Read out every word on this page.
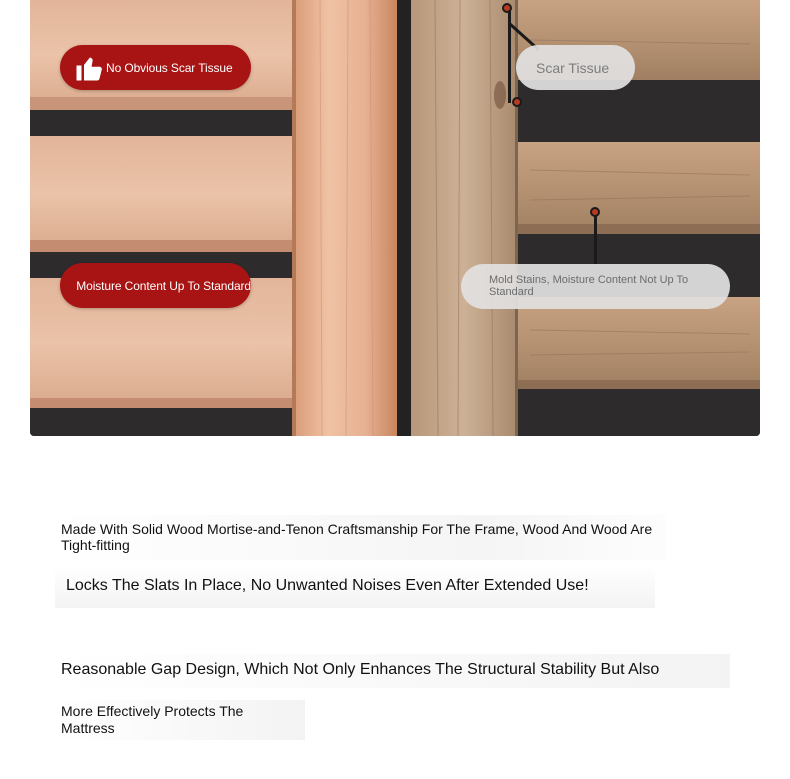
No Obvious Scar Tissue
Moisture Content Up To Standard
Scar Tissue
Mold Stains, Moisture Content Not Up To Standard
Made With Solid Wood Mortise-and-Tenon Craftsmanship For The Frame, Wood And Wood Are Tight-fitting
Locks The Slats In Place, No Unwanted Noises Even After Extended Use!
Reasonable Gap Design, Which Not Only Enhances The Structural Stability But Also
More Effectively Protects The Mattress
